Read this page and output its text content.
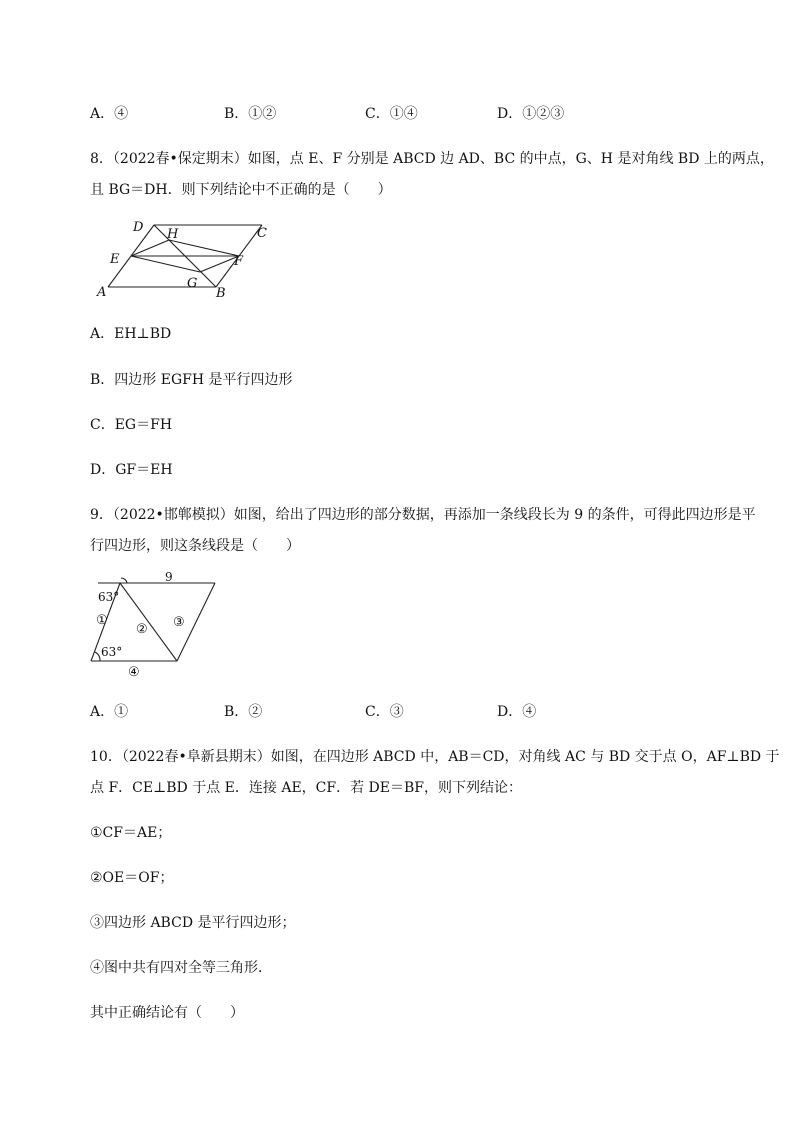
A．④	B．①②	C．①④	D．①②③
8．（2022春•保定期末）如图，点 E、F 分别是 ABCD 边 AD、BC 的中点，G、H 是对角线 BD 上的两点，
且 BG＝DH．则下列结论中不正确的是（　　）
A	B
C
D
E	F
G
H
A．EH⊥BD
B．四边形 EGFH 是平行四边形
C．EG＝FH
D．GF＝EH
9．（2022•邯郸模拟）如图，给出了四边形的部分数据，再添加一条线段长为 9 的条件，可得此四边形是平
行四边形，则这条线段是（　　）
9
63°
63°
①
② ③
④
A．①	B．②	C．③	D．④
10．（2022春•阜新县期末）如图，在四边形 ABCD 中，AB＝CD，对角线 AC 与 BD 交于点 O，AF⊥BD 于
点 F．CE⊥BD 于点 E．连接 AE，CF．若 DE＝BF，则下列结论：
①CF＝AE；
②OE＝OF；
③四边形 ABCD 是平行四边形；
④图中共有四对全等三角形．
其中正确结论有（　　）
